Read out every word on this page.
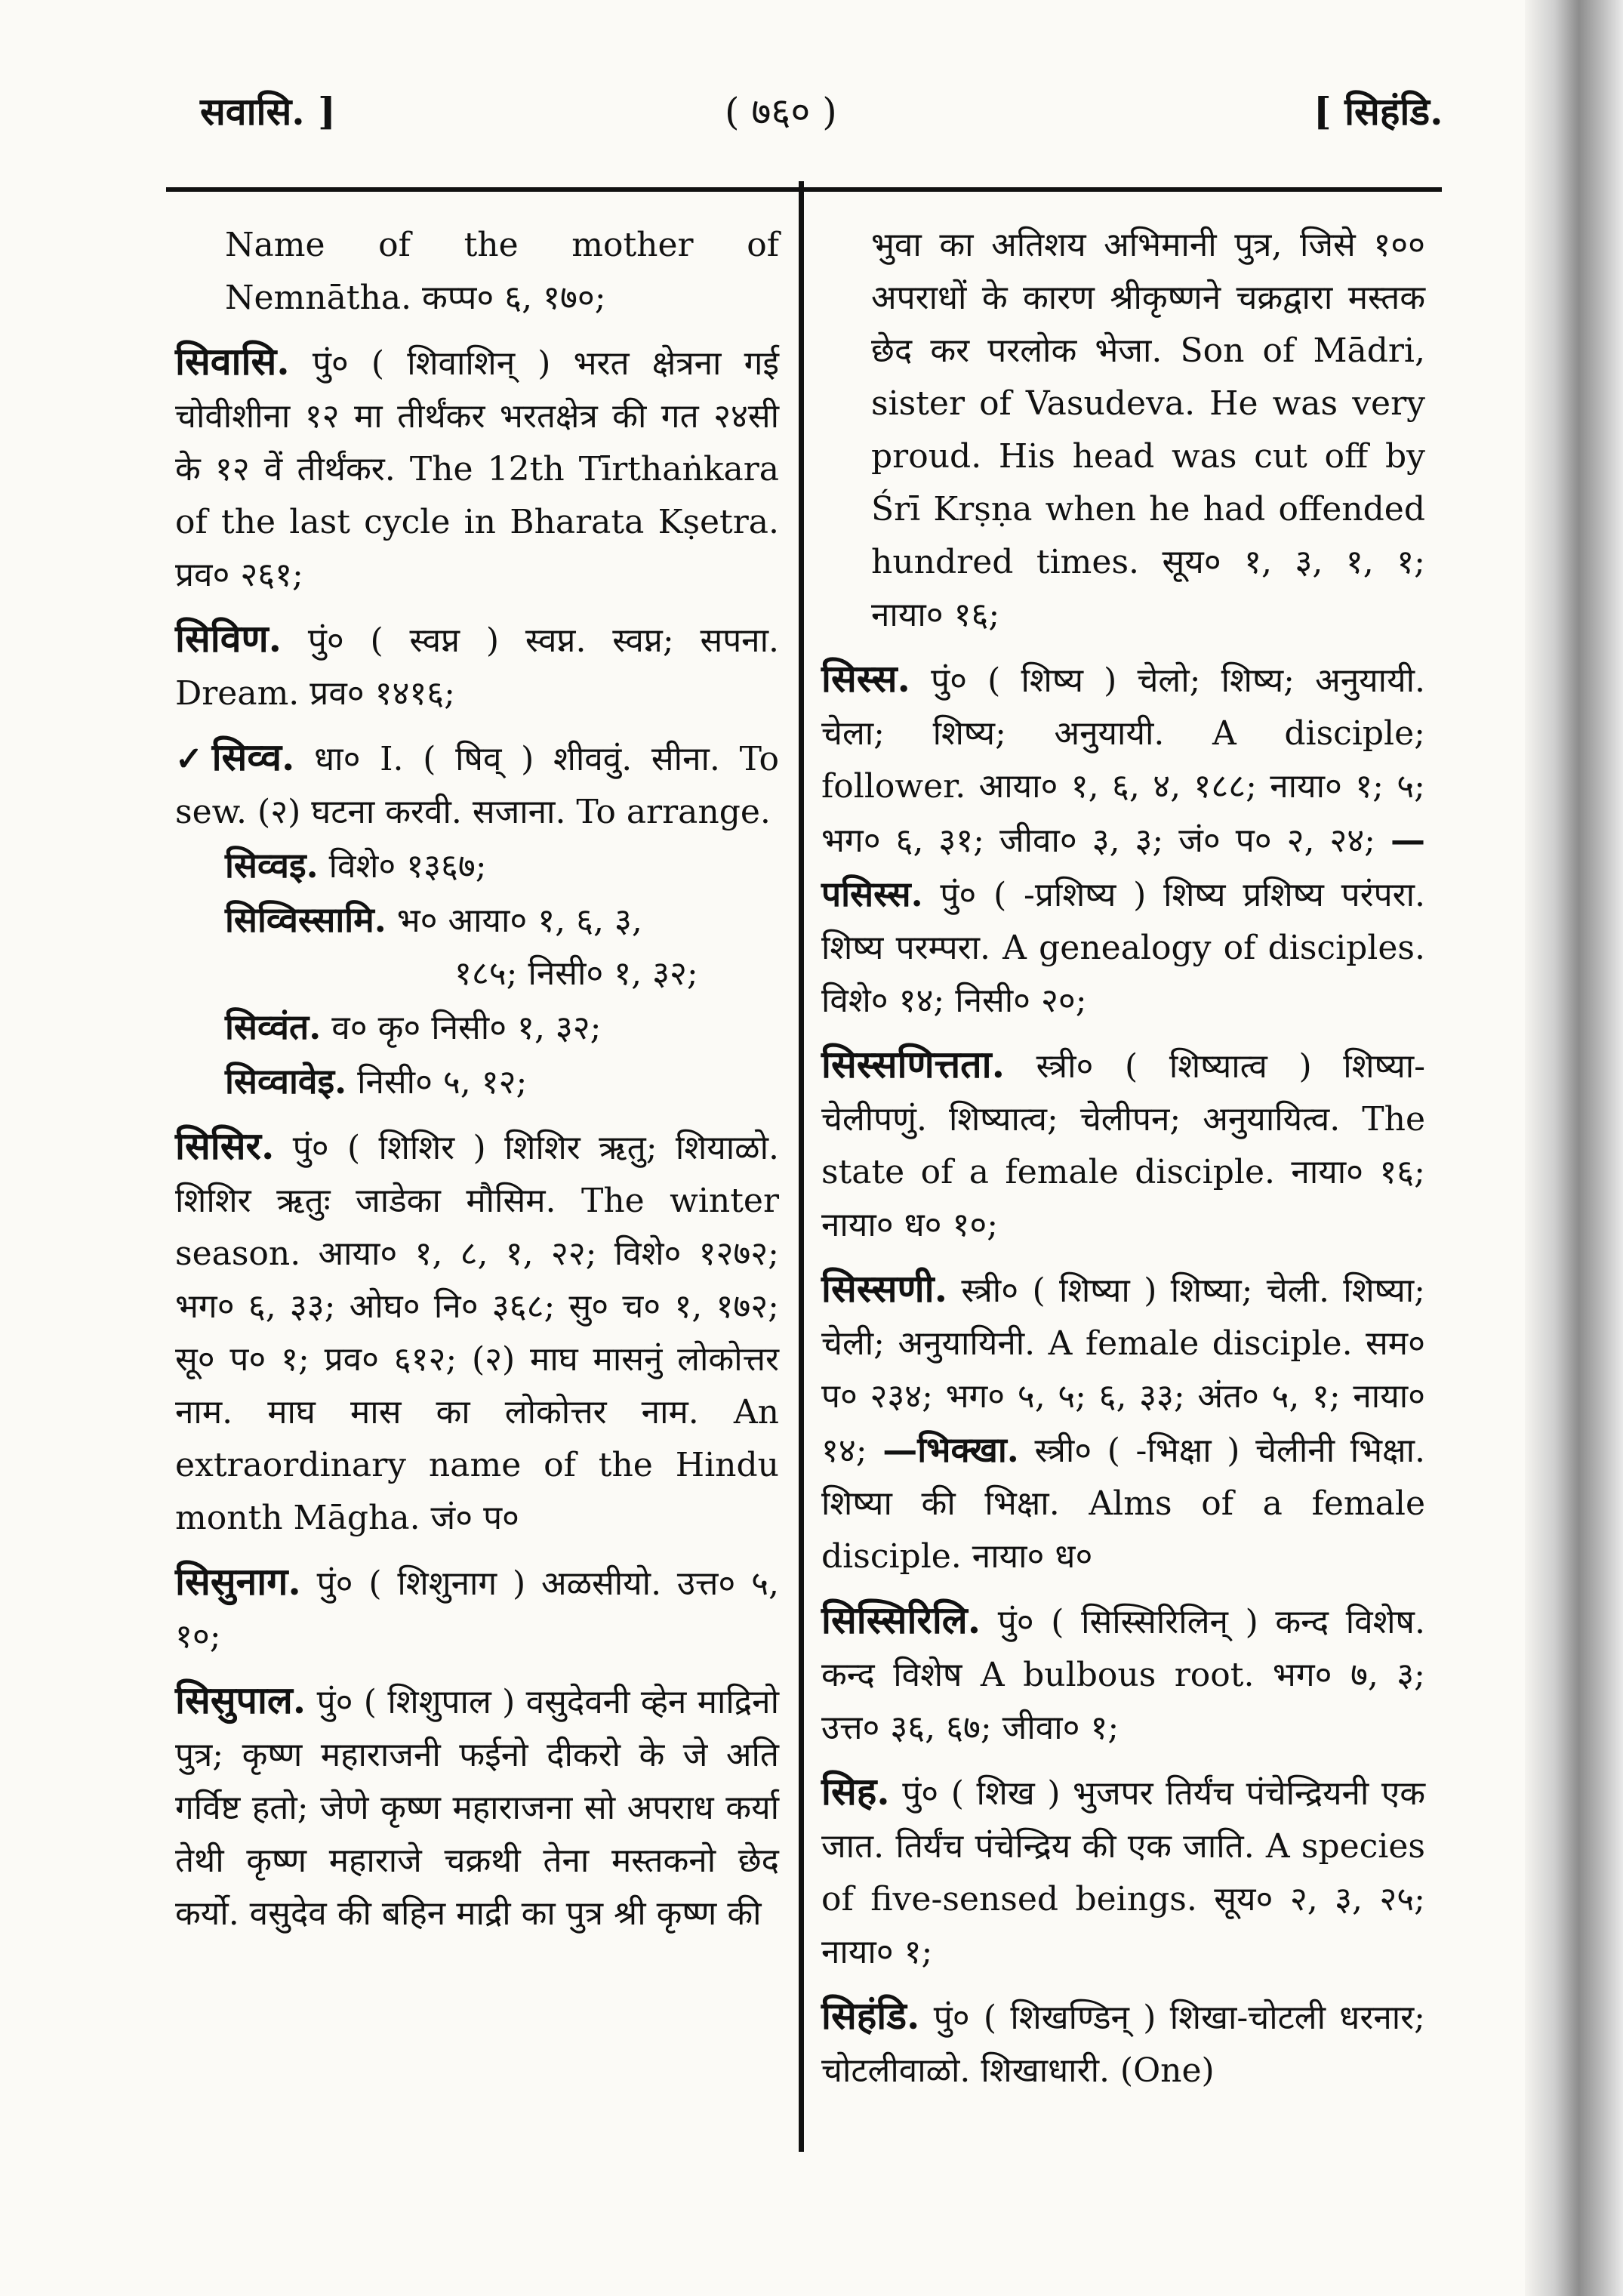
सवासि. ]	( ७६० )	[ सिहंडि.
Name of the mother of Nemnātha. कप्प० ६, १७०;
सिवासि. पुं० ( शिवाशिन् ) भरत क्षेत्रना गई चोवीशीना १२ मा तीर्थंकर भरतक्षेत्र की गत २४सी के १२ वें तीर्थंकर. The 12th Tīrthaṅkara of the last cycle in Bharata Kṣetra. प्रव० २६१;
सिविण. पुं० ( स्वप्न ) स्वप्न. स्वप्न; सपना. Dream. प्रव० १४१६;
✓सिव्व. धा० I. ( षिव् ) शीववुं. सीना. To sew. (२) घटना करवी. सजाना. To arrange.
सिव्वइ. विशे० १३६७;
सिव्विस्सामि. भ० आया० १, ६, ३,
१८५; निसी० १, ३२;
सिव्वंत. व० कृ० निसी० १, ३२;
सिव्वावेइ. निसी० ५, १२;
सिसिर. पुं० ( शिशिर ) शिशिर ऋतु; शियाळो. शिशिर ऋतुः जाडेका मौसिम. The winter season. आया० १, ८, १, २२; विशे० १२७२; भग० ६, ३३; ओघ० नि० ३६८; सु० च० १, १७२; सू० प० १; प्रव० ६१२; (२) माघ मासनुं लोकोत्तर नाम. माघ मास का लोकोत्तर नाम. An extraordinary name of the Hindu month Māgha. जं० प०
सिसुनाग. पुं० ( शिशुनाग ) अळसीयो. उत्त० ५, १०;
सिसुपाल. पुं० ( शिशुपाल ) वसुदेवनी व्हेन माद्रिनो पुत्र; कृष्ण महाराजनी फईनो दीकरो के जे अति गर्विष्ट हतो; जेणे कृष्ण महाराजना सो अपराध कर्या तेथी कृष्ण महाराजे चक्रथी तेना मस्तकनो छेद कर्यो. वसुदेव की बहिन माद्री का पुत्र श्री कृष्ण की
भुवा का अतिशय अभिमानी पुत्र, जिसे १०० अपराधों के कारण श्रीकृष्णने चक्रद्वारा मस्तक छेद कर परलोक भेजा. Son of Mādri, sister of Vasudeva. He was very proud. His head was cut off by Śrī Krṣṇa when he had offended hundred times. सूय० १, ३, १, १; नाया० १६;
सिस्स. पुं० ( शिष्य ) चेलो; शिष्य; अनुयायी. चेला; शिष्य; अनुयायी. A disciple; follower. आया० १, ६, ४, १८८; नाया० १; ५; भग० ६, ३१; जीवा० ३, ३; जं० प० २, २४; —पसिस्स. पुं० ( -प्रशिष्य ) शिष्य प्रशिष्य परंपरा. शिष्य परम्परा. A genealogy of disciples. विशे० १४; निसी० २०;
सिस्सणित्तता. स्त्री० ( शिष्यात्व ) शिष्या-चेलीपणुं. शिष्यात्व; चेलीपन; अनुयायित्व. The state of a female disciple. नाया० १६; नाया० ध० १०;
सिस्सणी. स्त्री० ( शिष्या ) शिष्या; चेली. शिष्या; चेली; अनुयायिनी. A female disciple. सम० प० २३४; भग० ५, ५; ६, ३३; अंत० ५, १; नाया० १४; —भिक्खा. स्त्री० ( -भिक्षा ) चेलीनी भिक्षा. शिष्या की भिक्षा. Alms of a female disciple. नाया० ध०
सिस्सिरिलि. पुं० ( सिस्सिरिलिन् ) कन्द विशेष. कन्द विशेष A bulbous root. भग० ७, ३; उत्त० ३६, ६७; जीवा० १;
सिह. पुं० ( शिख ) भुजपर तिर्यंच पंचेन्द्रियनी एक जात. तिर्यंच पंचेन्द्रिय की एक जाति. A species of five-sensed beings. सूय० २, ३, २५; नाया० १;
सिहंडि. पुं० ( शिखण्डिन् ) शिखा-चोटली धरनार; चोटलीवाळो. शिखाधारी. (One)
